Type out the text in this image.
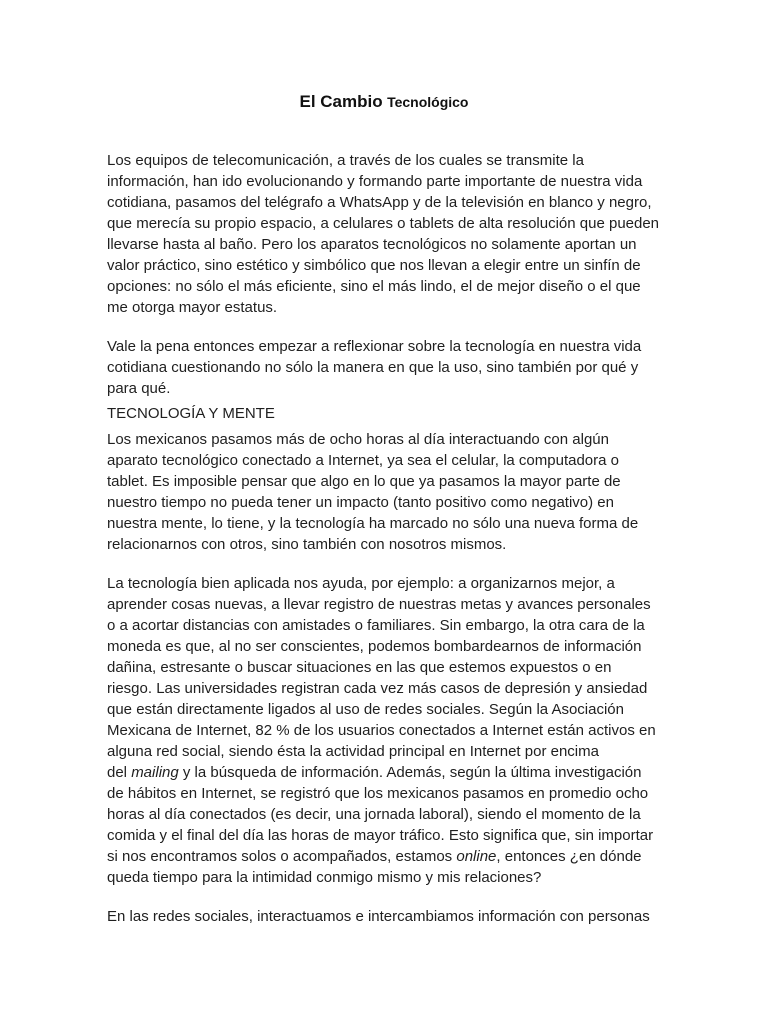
El Cambio Tecnológico

Los equipos de telecomunicación, a través de los cuales se transmite la

información, han ido evolucionando y formando parte importante de nuestra vida

cotidiana, pasamos del telégrafo a WhatsApp y de la televisión en blanco y negro,

que merecía su propio espacio, a celulares o tablets de alta resolución que pueden

llevarse hasta al baño. Pero los aparatos tecnológicos no solamente aportan un

valor práctico, sino estético y simbólico que nos llevan a elegir entre un sinfín de

opciones: no sólo el más eficiente, sino el más lindo, el de mejor diseño o el que

me otorga mayor estatus.

Vale la pena entonces empezar a reflexionar sobre la tecnología en nuestra vida

cotidiana cuestionando no sólo la manera en que la uso, sino también por qué y

para qué.

TECNOLOGÍA Y MENTE

Los mexicanos pasamos más de ocho horas al día interactuando con algún

aparato tecnológico conectado a Internet, ya sea el celular, la computadora o

tablet. Es imposible pensar que algo en lo que ya pasamos la mayor parte de

nuestro tiempo no pueda tener un impacto (tanto positivo como negativo) en

nuestra mente, lo tiene, y la tecnología ha marcado no sólo una nueva forma de

relacionarnos con otros, sino también con nosotros mismos.

La tecnología bien aplicada nos ayuda, por ejemplo: a organizarnos mejor, a

aprender cosas nuevas, a llevar registro de nuestras metas y avances personales

o a acortar distancias con amistades o familiares. Sin embargo, la otra cara de la

moneda es que, al no ser conscientes, podemos bombardearnos de información

dañina, estresante o buscar situaciones en las que estemos expuestos o en

riesgo. Las universidades registran cada vez más casos de depresión y ansiedad

que están directamente ligados al uso de redes sociales. Según la Asociación

Mexicana de Internet, 82 % de los usuarios conectados a Internet están activos en

alguna red social, siendo ésta la actividad principal en Internet por encima

del mailing y la búsqueda de información. Además, según la última investigación

de hábitos en Internet, se registró que los mexicanos pasamos en promedio ocho

horas al día conectados (es decir, una jornada laboral), siendo el momento de la

comida y el final del día las horas de mayor tráfico. Esto significa que, sin importar

si nos encontramos solos o acompañados, estamos online, entonces ¿en dónde

queda tiempo para la intimidad conmigo mismo y mis relaciones?

En las redes sociales, interactuamos e intercambiamos información con personas
